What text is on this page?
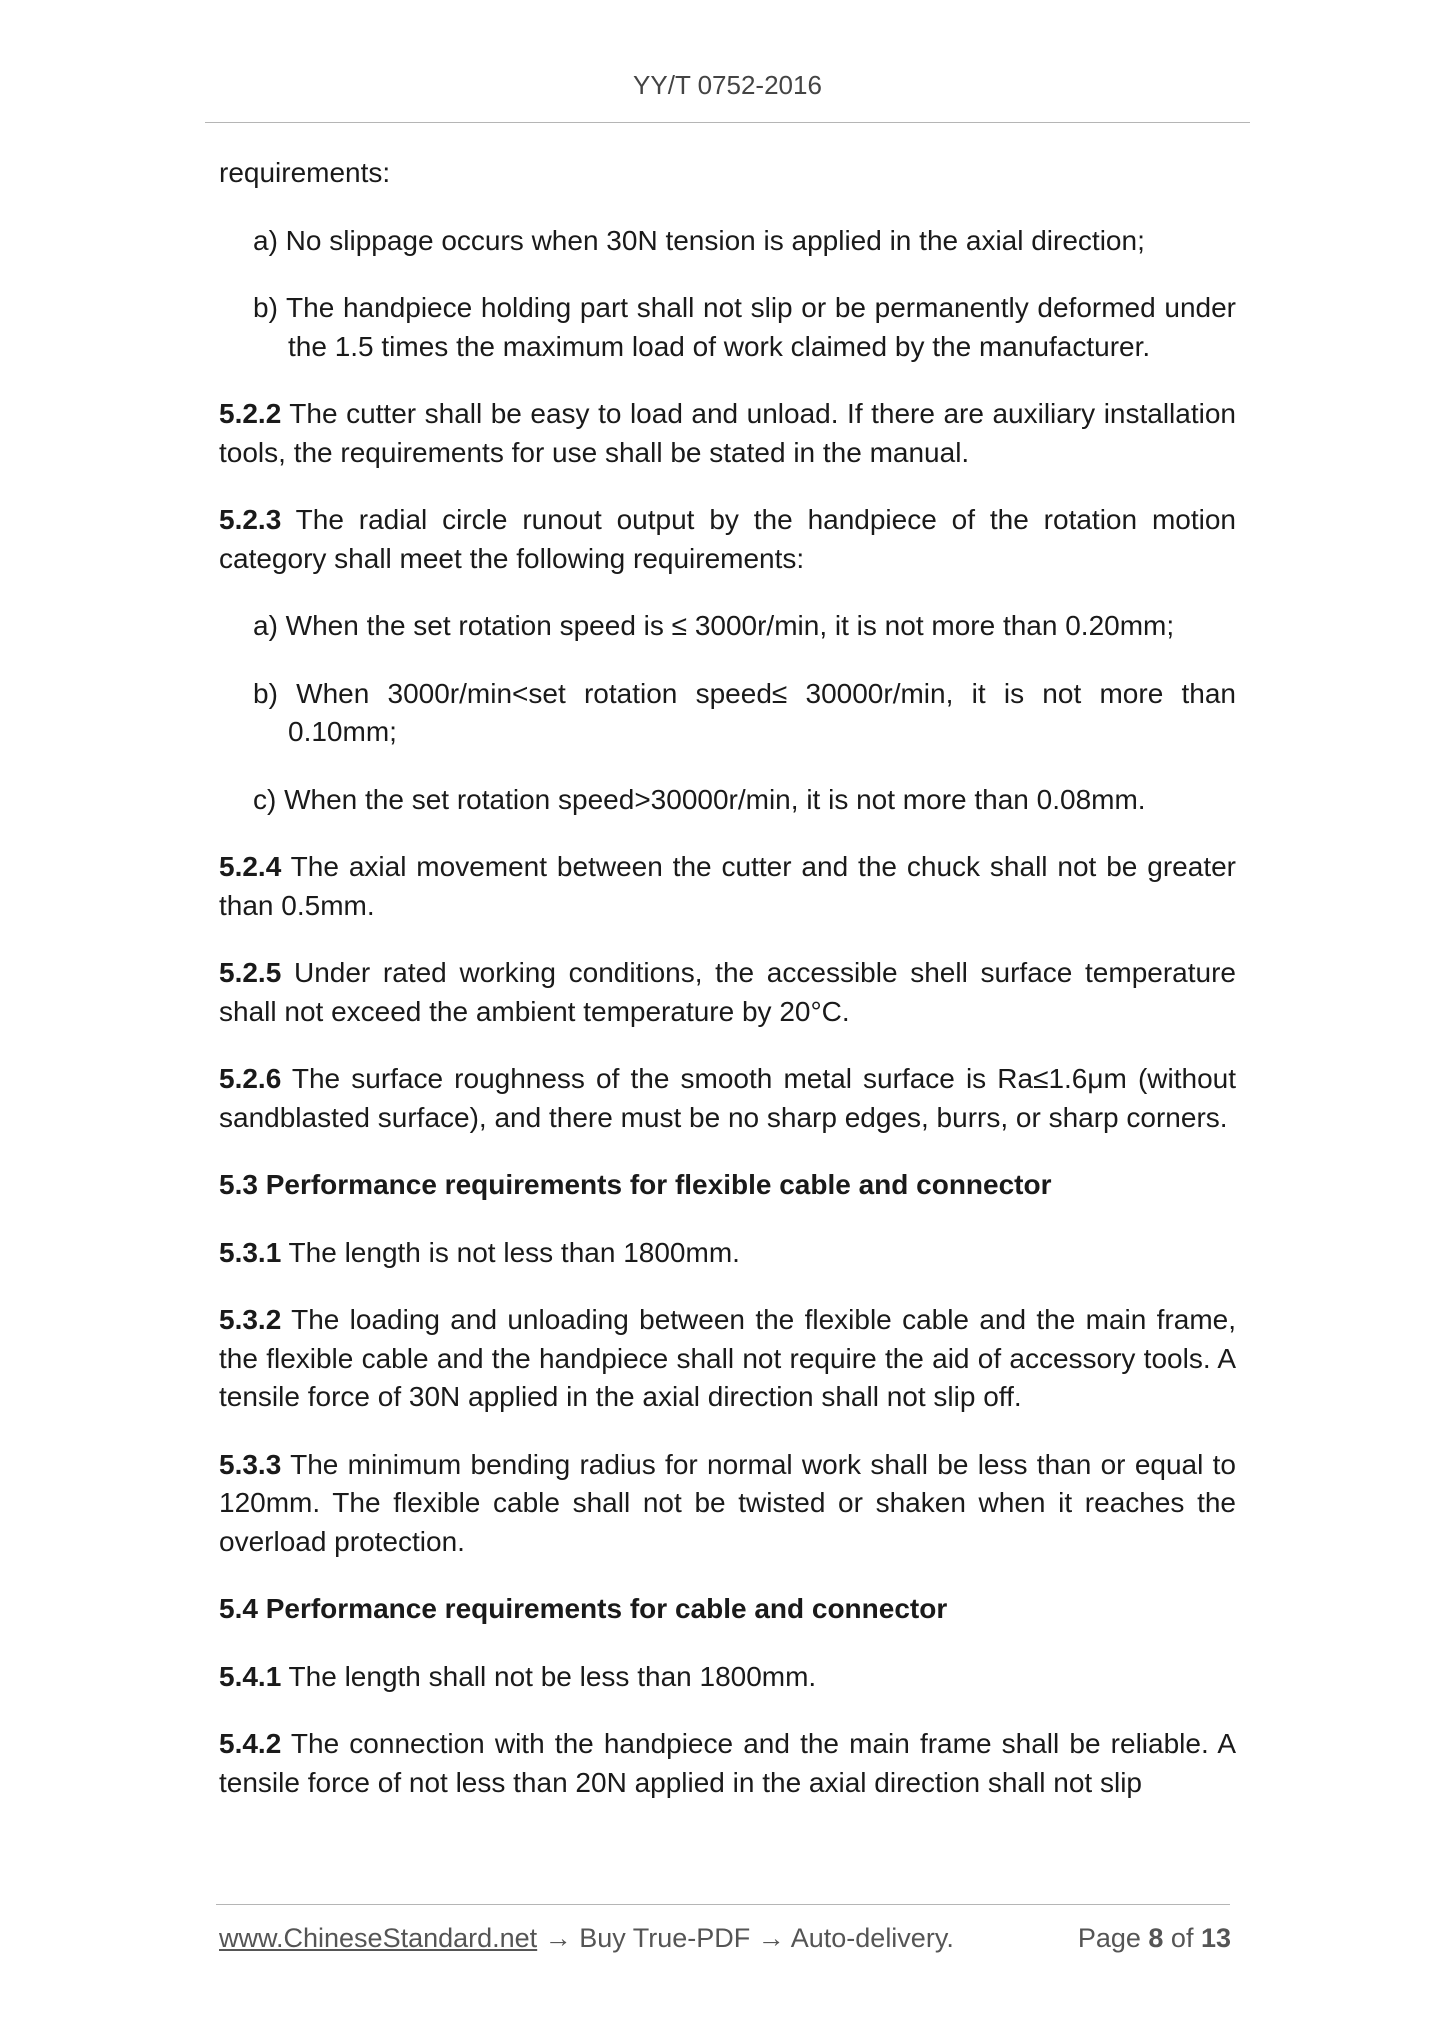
YY/T 0752-2016

requirements:

a) No slippage occurs when 30N tension is applied in the axial direction;

b) The handpiece holding part shall not slip or be permanently deformed under the 1.5 times the maximum load of work claimed by the manufacturer.

5.2.2 The cutter shall be easy to load and unload. If there are auxiliary installation tools, the requirements for use shall be stated in the manual.

5.2.3 The radial circle runout output by the handpiece of the rotation motion category shall meet the following requirements:

a) When the set rotation speed is ≤ 3000r/min, it is not more than 0.20mm;

b) When 3000r/min<set rotation speed≤ 30000r/min, it is not more than 0.10mm;

c) When the set rotation speed>30000r/min, it is not more than 0.08mm.

5.2.4 The axial movement between the cutter and the chuck shall not be greater than 0.5mm.

5.2.5 Under rated working conditions, the accessible shell surface temperature shall not exceed the ambient temperature by 20°C.

5.2.6 The surface roughness of the smooth metal surface is Ra≤1.6μm (without sandblasted surface), and there must be no sharp edges, burrs, or sharp corners.

5.3 Performance requirements for flexible cable and connector

5.3.1 The length is not less than 1800mm.

5.3.2 The loading and unloading between the flexible cable and the main frame, the flexible cable and the handpiece shall not require the aid of accessory tools. A tensile force of 30N applied in the axial direction shall not slip off.

5.3.3 The minimum bending radius for normal work shall be less than or equal to 120mm. The flexible cable shall not be twisted or shaken when it reaches the overload protection.

5.4 Performance requirements for cable and connector

5.4.1 The length shall not be less than 1800mm.

5.4.2 The connection with the handpiece and the main frame shall be reliable. A tensile force of not less than 20N applied in the axial direction shall not slip

www.ChineseStandard.net → Buy True-PDF → Auto-delivery.	Page 8 of 13
